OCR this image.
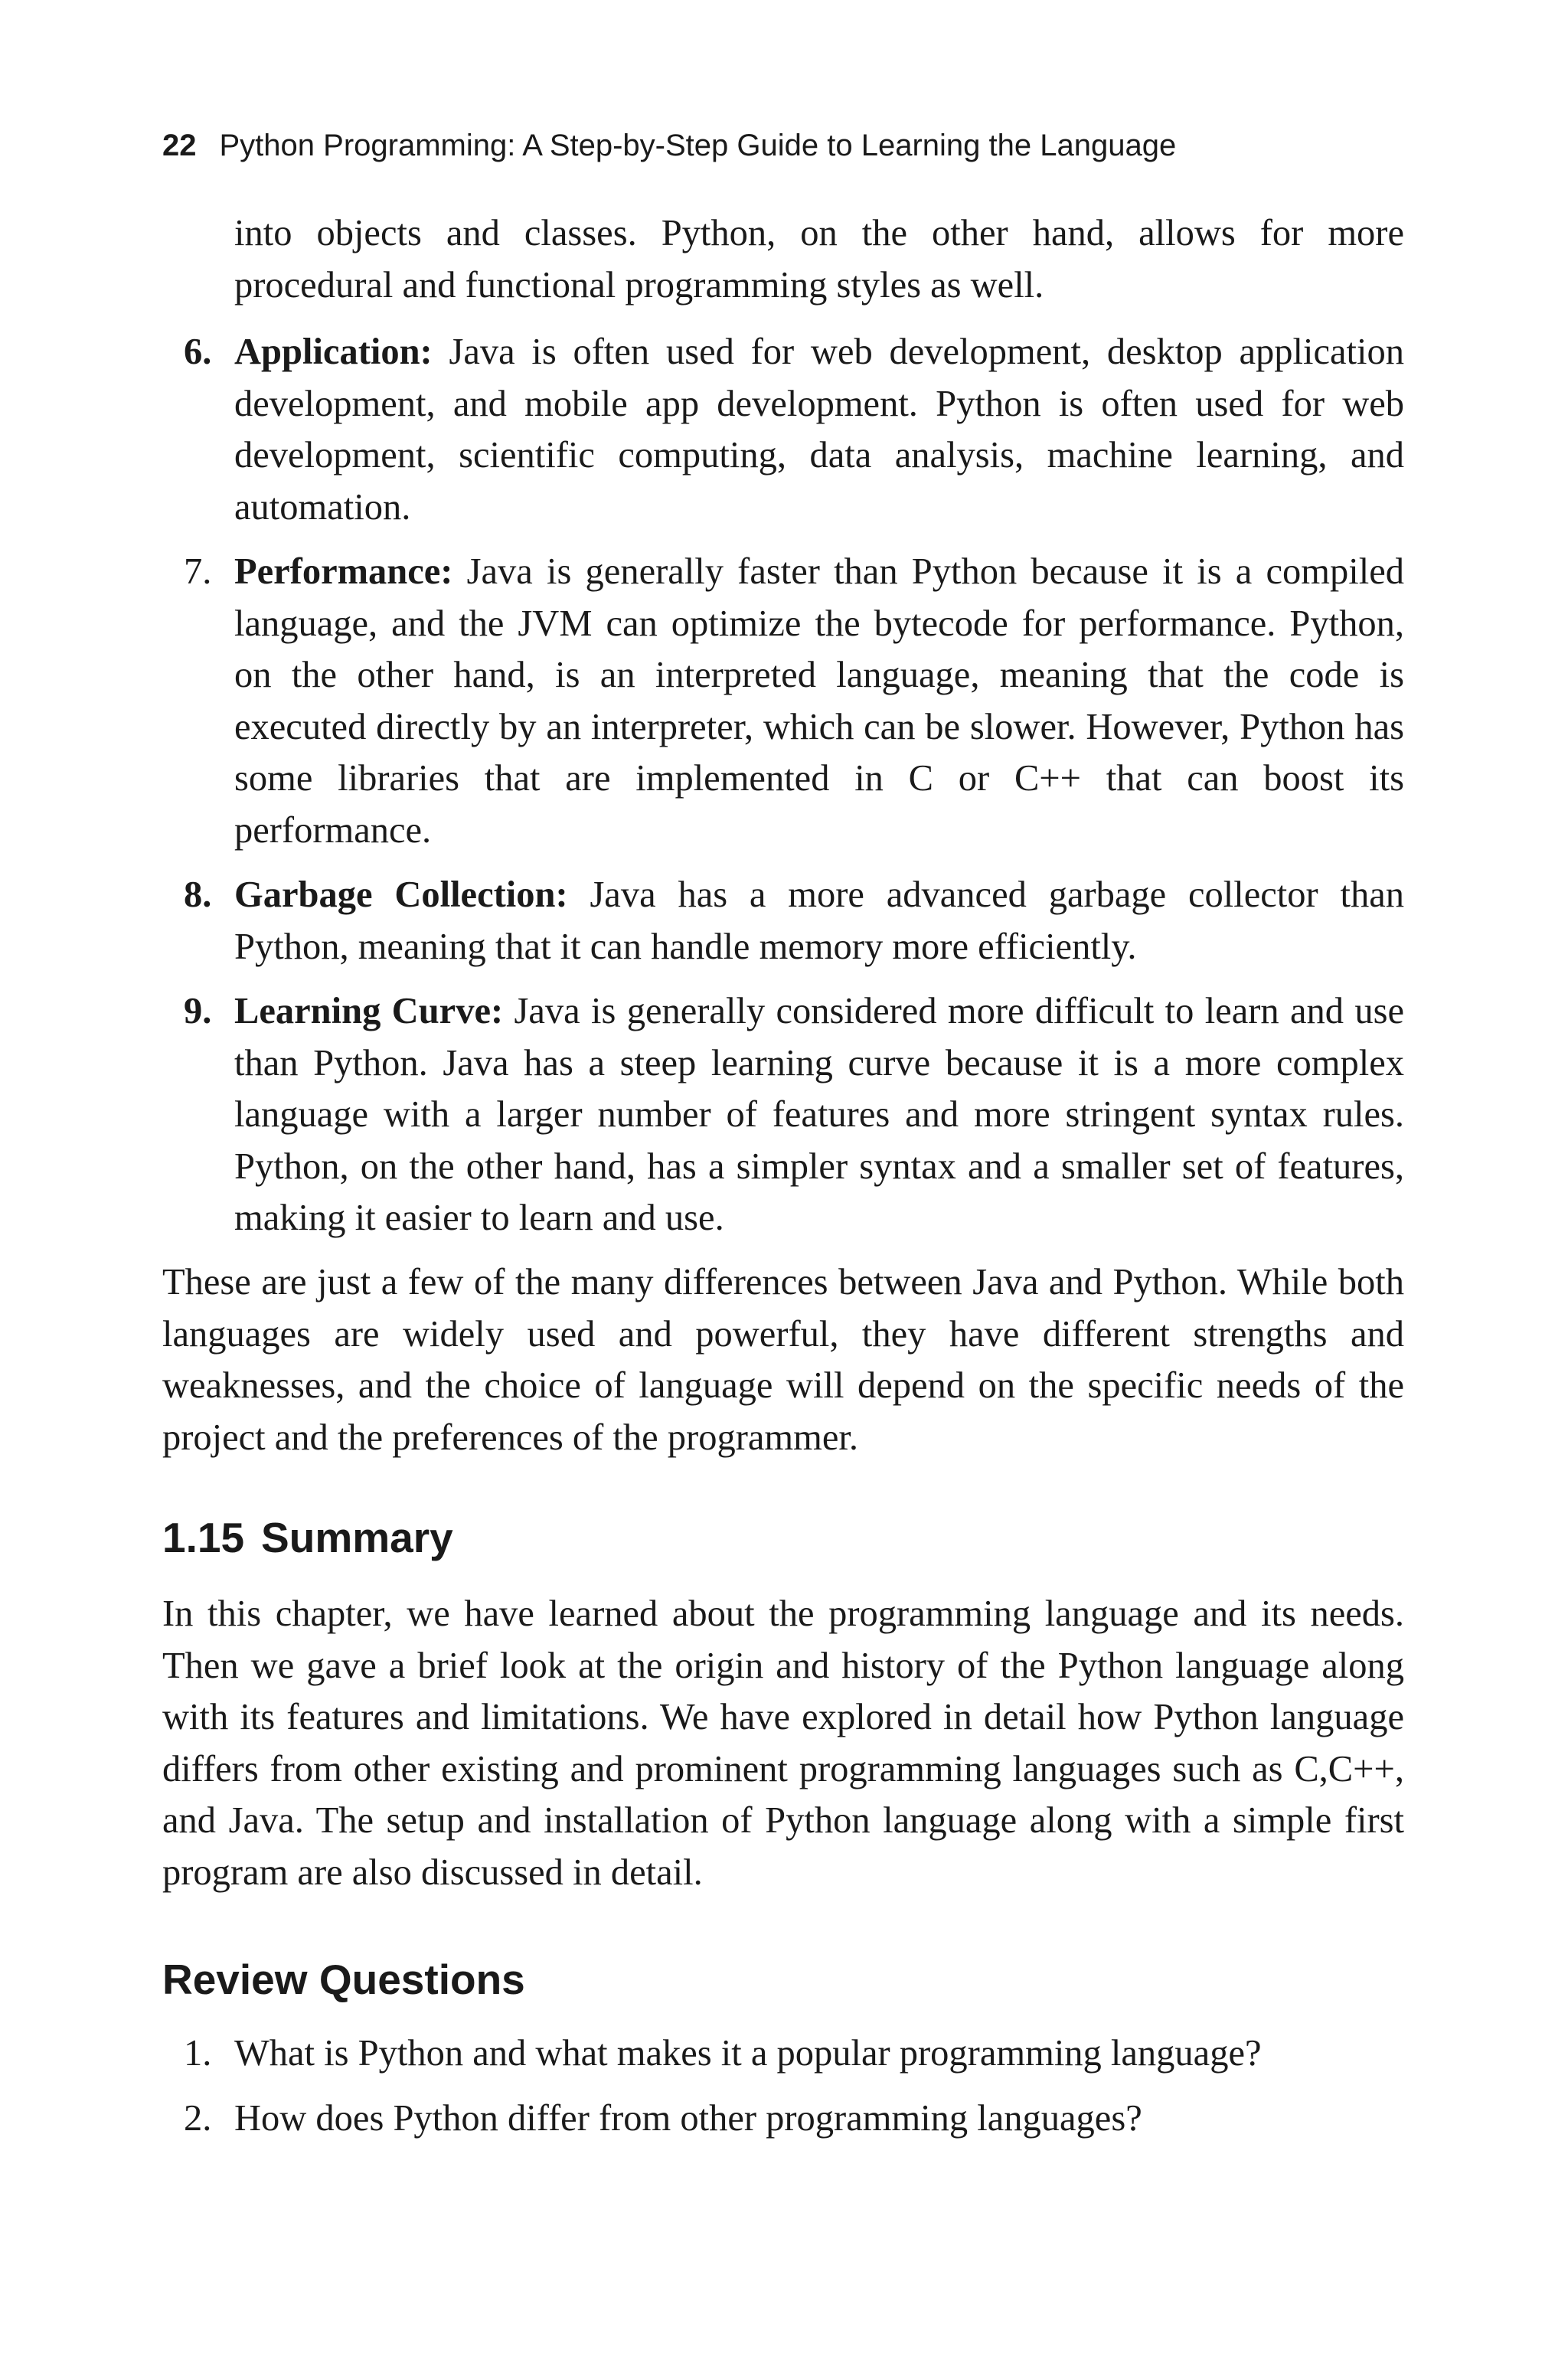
22 Python Programming: A Step-by-Step Guide to Learning the Language

into objects and classes. Python, on the other hand, allows for more procedural and functional programming styles as well.

6. Application: Java is often used for web development, desktop application development, and mobile app development. Python is often used for web development, scientific computing, data analysis, machine learning, and automation.
7. Performance: Java is generally faster than Python because it is a compiled language, and the JVM can optimize the bytecode for performance. Python, on the other hand, is an interpreted language, meaning that the code is executed directly by an interpreter, which can be slower. However, Python has some libraries that are implemented in C or C++ that can boost its performance.
8. Garbage Collection: Java has a more advanced garbage collector than Python, meaning that it can handle memory more efficiently.
9. Learning Curve: Java is generally considered more difficult to learn and use than Python. Java has a steep learning curve because it is a more complex language with a larger number of features and more stringent syntax rules. Python, on the other hand, has a simpler syntax and a smaller set of features, making it easier to learn and use.

These are just a few of the many differences between Java and Python. While both languages are widely used and powerful, they have different strengths and weaknesses, and the choice of language will depend on the specific needs of the project and the preferences of the programmer.

1.15 Summary

In this chapter, we have learned about the programming language and its needs. Then we gave a brief look at the origin and history of the Python language along with its features and limitations. We have explored in detail how Python language differs from other existing and prominent programming languages such as C,C++, and Java. The setup and installation of Python language along with a simple first program are also discussed in detail.

Review Questions
1. What is Python and what makes it a popular programming language?
2. How does Python differ from other programming languages?
